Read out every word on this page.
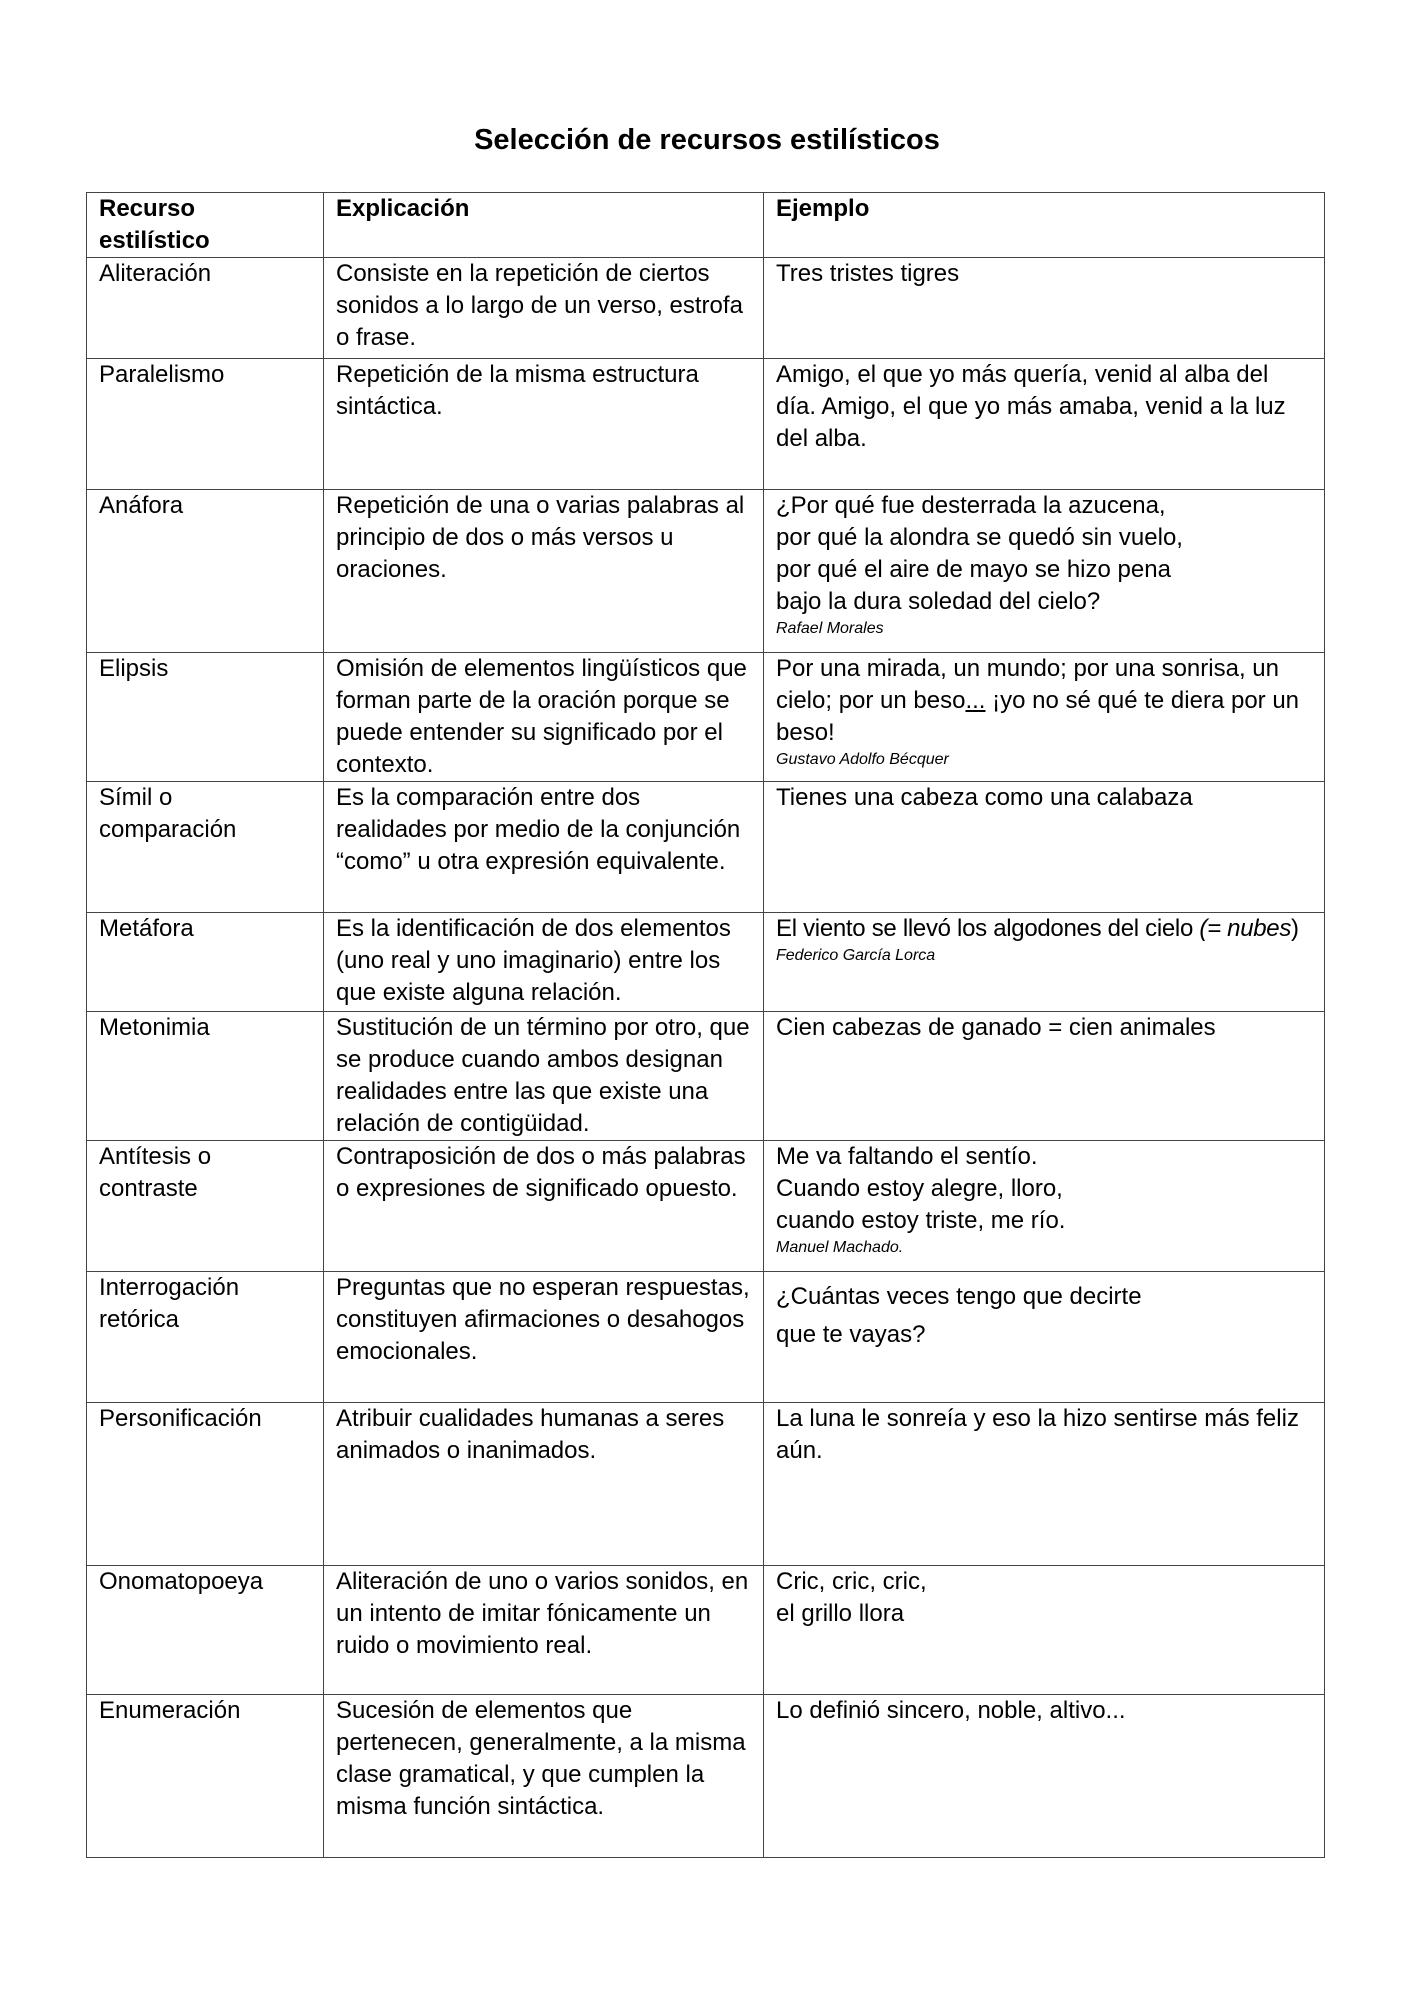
Selección de recursos estilísticos
Recurso estilístico	Explicación	Ejemplo
Aliteración	Consiste en la repetición de ciertos sonidos a lo largo de un verso, estrofa o frase.	Tres tristes tigres

Paralelismo	Repetición de la misma estructura sintáctica.	Amigo, el que yo más quería, venid al alba del día. Amigo, el que yo más amaba, venid a la luz del alba.

Anáfora	Repetición de una o varias palabras al principio de dos o más versos u oraciones.	¿Por qué fue desterrada la azucena,
por qué la alondra se quedó sin vuelo,
por qué el aire de mayo se hizo pena
bajo la dura soledad del cielo?
Rafael Morales

Elipsis	Omisión de elementos lingüísticos que forman parte de la oración porque se puede entender su significado por el contexto.	Por una mirada, un mundo; por una sonrisa, un cielo; por un beso... ¡yo no sé qué te diera por un beso!
Gustavo Adolfo Bécquer

Símil o comparación	Es la comparación entre dos realidades por medio de la conjunción “como” u otra expresión equivalente.	Tienes una cabeza como una calabaza

Metáfora	Es la identificación de dos elementos (uno real y uno imaginario) entre los que existe alguna relación.	El viento se llevó los algodones del cielo (= nubes)
Federico García Lorca

Metonimia	Sustitución de un término por otro, que se produce cuando ambos designan realidades entre las que existe una relación de contigüidad.	Cien cabezas de ganado = cien animales

Antítesis o contraste	Contraposición de dos o más palabras o expresiones de significado opuesto.	Me va faltando el sentío.
Cuando estoy alegre, lloro,
cuando estoy triste, me río.
Manuel Machado.

Interrogación retórica	Preguntas que no esperan respuestas, constituyen afirmaciones o desahogos emocionales.	¿Cuántas veces tengo que decirte
que te vayas?

Personificación	Atribuir cualidades humanas a seres animados o inanimados.	La luna le sonreía y eso la hizo sentirse más feliz aún.

Onomatopoeya	Aliteración de uno o varios sonidos, en un intento de imitar fónicamente un ruido o movimiento real.	Cric, cric, cric,
el grillo llora

Enumeración	Sucesión de elementos que pertenecen, generalmente, a la misma clase gramatical, y que cumplen la misma función sintáctica.	Lo definió sincero, noble, altivo...
